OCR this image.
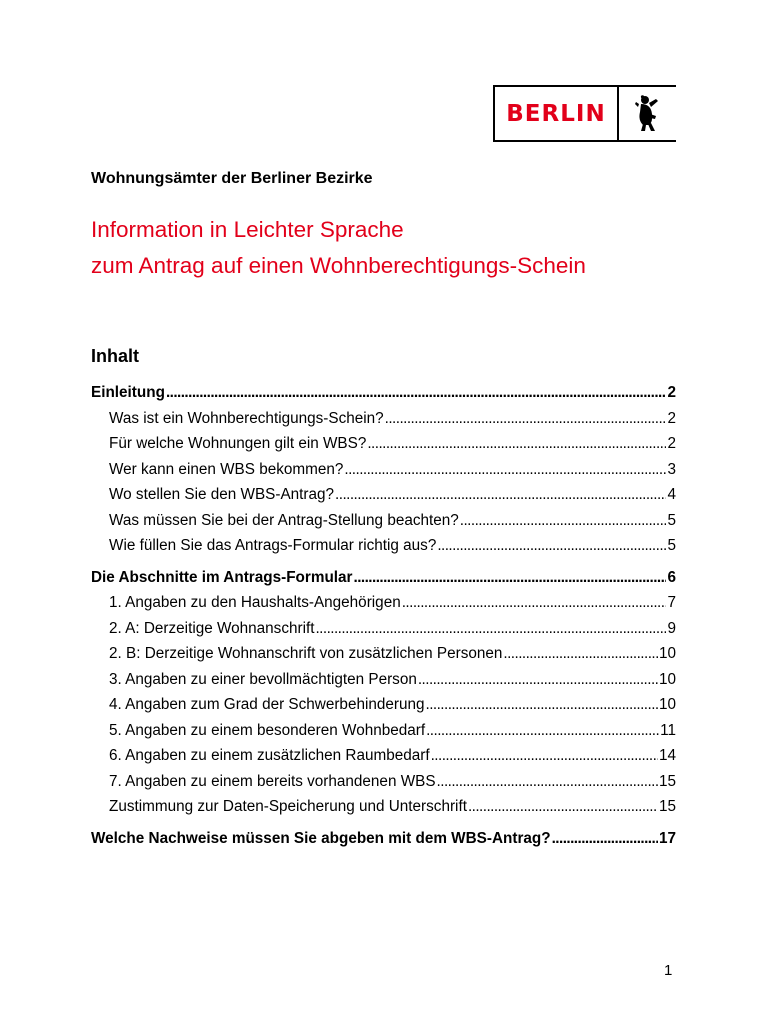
BERLIN

Wohnungsämter der Berliner Bezirke

Information in Leichter Sprache
zum Antrag auf einen Wohnberechtigungs-Schein
Inhalt
Einleitung . . .	2
Was ist ein Wohnberechtigungs-Schein? . . .	2
Für welche Wohnungen gilt ein WBS? . . .	2
Wer kann einen WBS bekommen? . . .	3
Wo stellen Sie den WBS-Antrag? . . .	4
Was müssen Sie bei der Antrag-Stellung beachten? . . .	5
Wie füllen Sie das Antrags-Formular richtig aus? . . .	5
Die Abschnitte im Antrags-Formular . . .	6
1. Angaben zu den Haushalts-Angehörigen . . .	7
2. A: Derzeitige Wohnanschrift . . .	9
2. B: Derzeitige Wohnanschrift von zusätzlichen Personen . . .	10
3. Angaben zu einer bevollmächtigten Person . . .	10
4. Angaben zum Grad der Schwerbehinderung . . .	10
5. Angaben zu einem besonderen Wohnbedarf . . .	11
6. Angaben zu einem zusätzlichen Raumbedarf . . .	14
7. Angaben zu einem bereits vorhandenen WBS . . .	15
Zustimmung zur Daten-Speicherung und Unterschrift . . .	15
Welche Nachweise müssen Sie abgeben mit dem WBS-Antrag? . . .	17
1
